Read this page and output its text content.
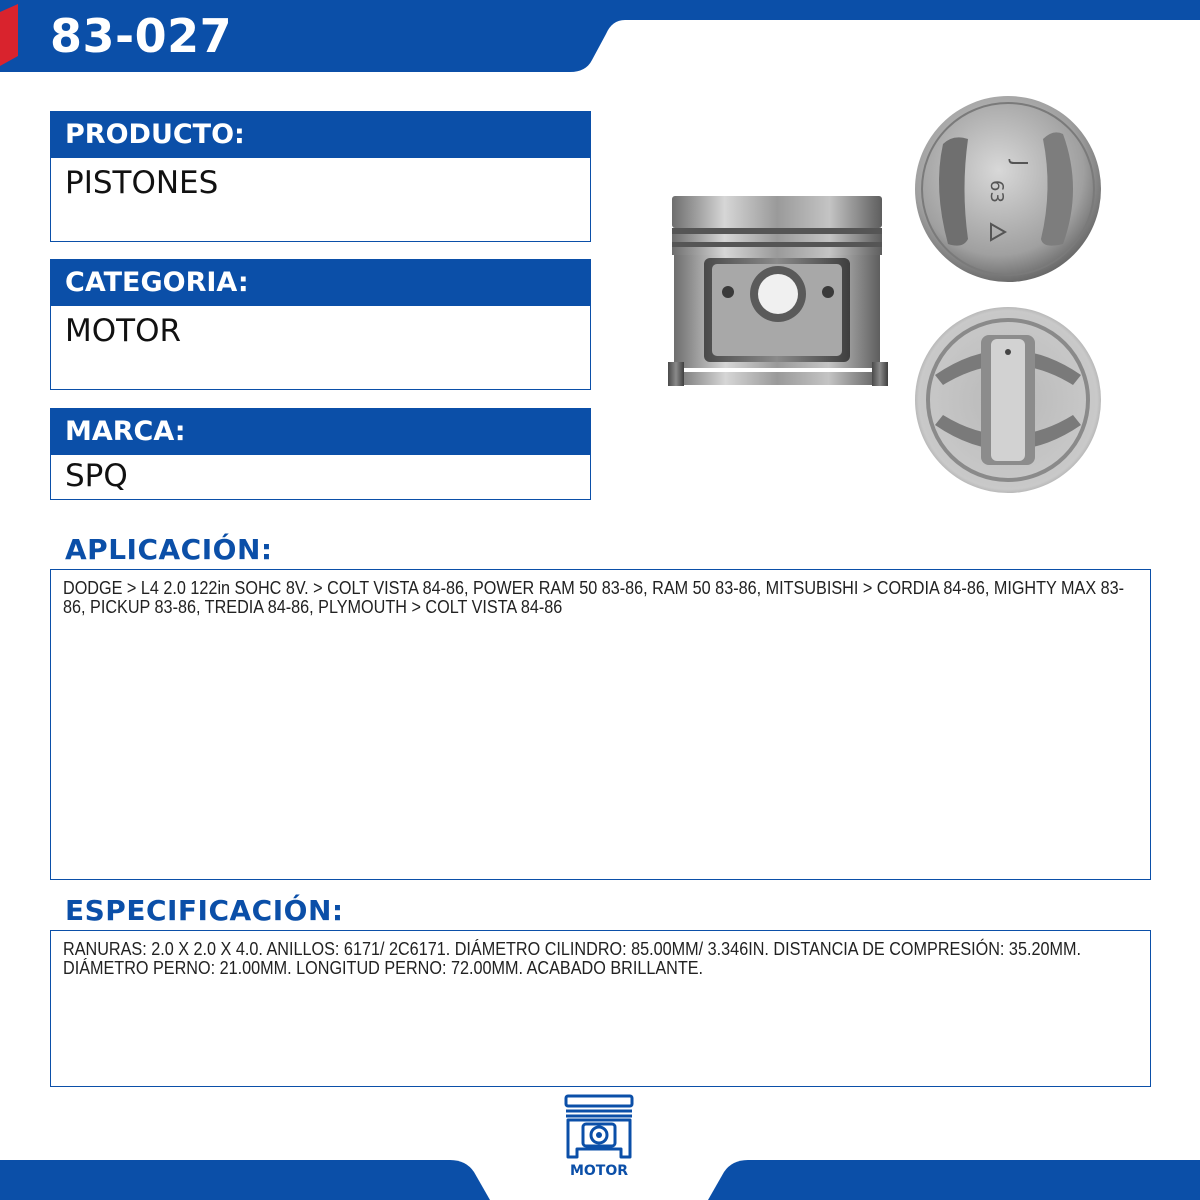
83-027
PRODUCTO:
PISTONES
CATEGORIA:
MOTOR
MARCA:
SPQ
J
63
APLICACIÓN:
DODGE > L4 2.0 122in SOHC 8V. > COLT VISTA 84-86, POWER RAM 50 83-86, RAM 50 83-86, MITSUBISHI > CORDIA 84-86, MIGHTY MAX 83-86, PICKUP 83-86, TREDIA 84-86, PLYMOUTH > COLT VISTA 84-86
ESPECIFICACIÓN:
RANURAS: 2.0 X 2.0 X 4.0. ANILLOS: 6171/ 2C6171. DIÁMETRO CILINDRO: 85.00MM/ 3.346IN. DISTANCIA DE COMPRESIÓN: 35.20MM. DIÁMETRO PERNO: 21.00MM. LONGITUD PERNO: 72.00MM. ACABADO BRILLANTE.
MOTOR
